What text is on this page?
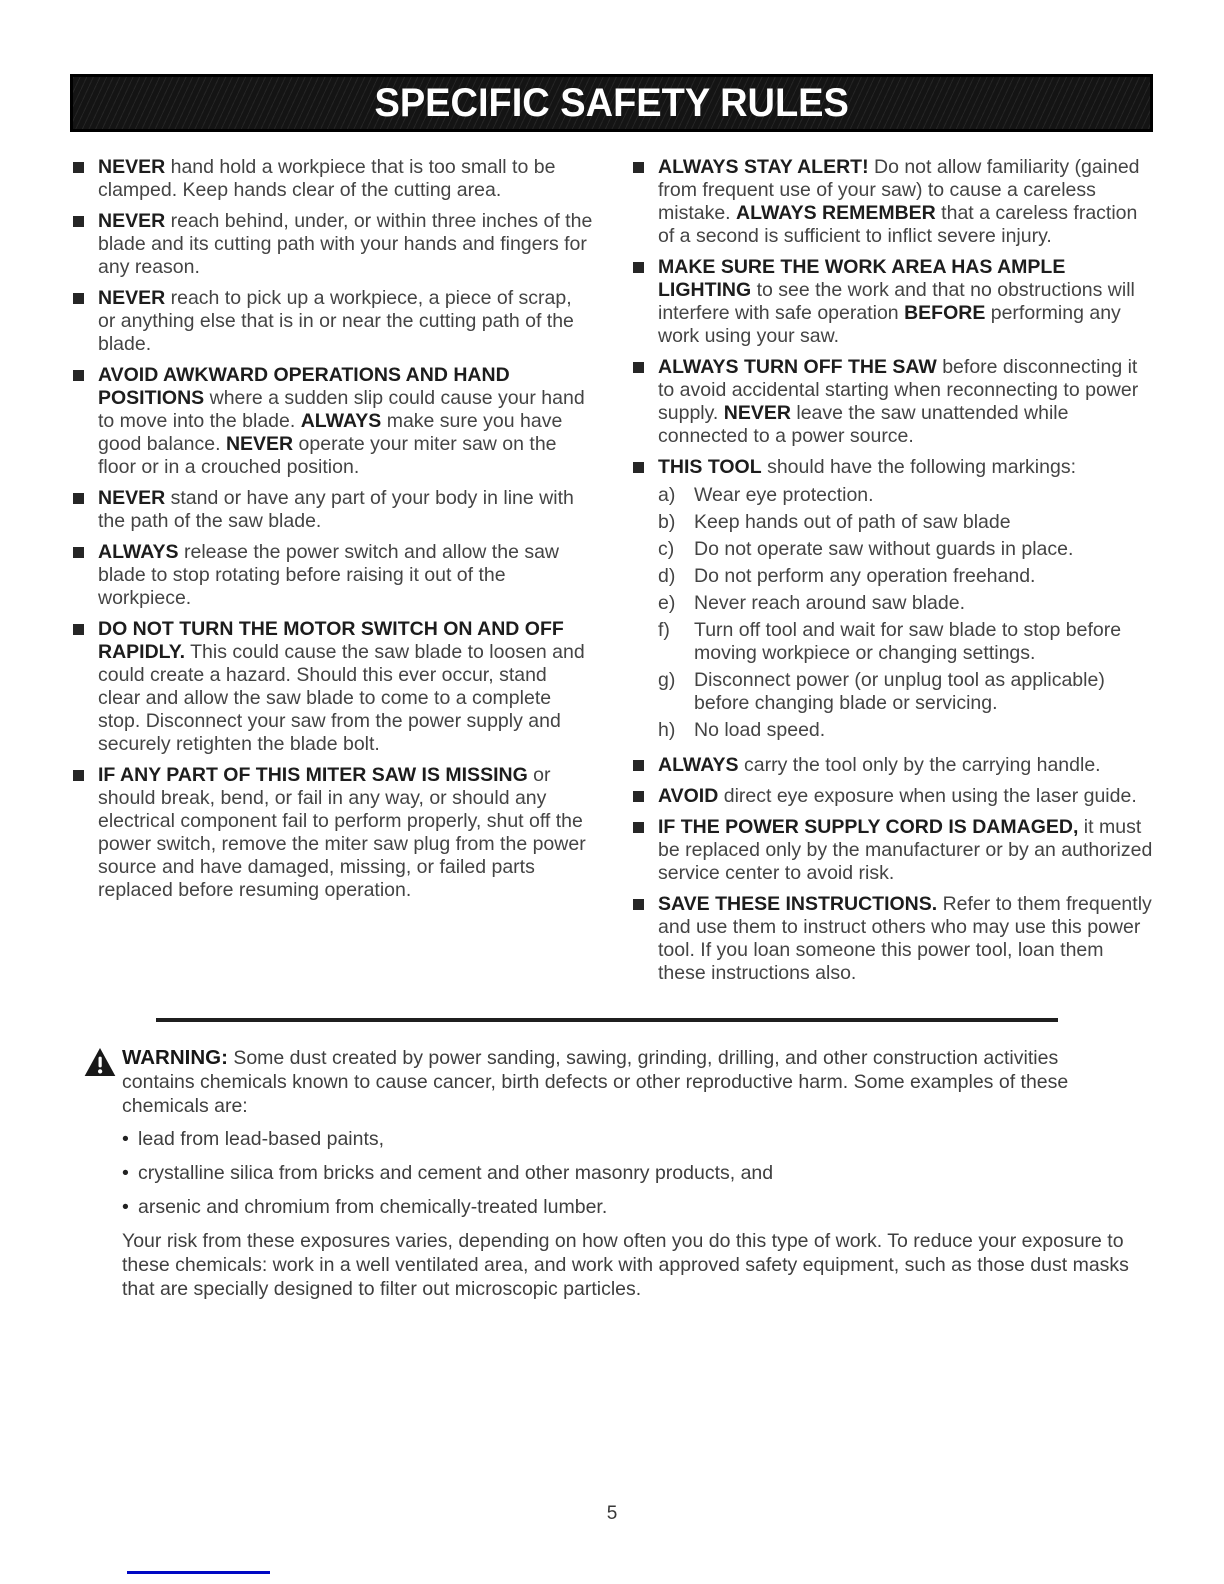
SPECIFIC SAFETY RULES
NEVER hand hold a workpiece that is too small to be clamped. Keep hands clear of the cutting area.
NEVER reach behind, under, or within three inches of the blade and its cutting path with your hands and fingers for any reason.
NEVER reach to pick up a workpiece, a piece of scrap, or anything else that is in or near the cutting path of the blade.
AVOID AWKWARD OPERATIONS AND HAND POSITIONS where a sudden slip could cause your hand to move into the blade. ALWAYS make sure you have good balance. NEVER operate your miter saw on the floor or in a crouched position.
NEVER stand or have any part of your body in line with the path of the saw blade.
ALWAYS release the power switch and allow the saw blade to stop rotating before raising it out of the workpiece.
DO NOT TURN THE MOTOR SWITCH ON AND OFF RAPIDLY. This could cause the saw blade to loosen and could create a hazard. Should this ever occur, stand clear and allow the saw blade to come to a complete stop. Disconnect your saw from the power supply and securely retighten the blade bolt.
IF ANY PART OF THIS MITER SAW IS MISSING or should break, bend, or fail in any way, or should any electrical component fail to perform properly, shut off the power switch, remove the miter saw plug from the power source and have damaged, missing, or failed parts replaced before resuming operation.
ALWAYS STAY ALERT! Do not allow familiarity (gained from frequent use of your saw) to cause a careless mistake. ALWAYS REMEMBER that a careless fraction of a second is sufficient to inflict severe injury.
MAKE SURE THE WORK AREA HAS AMPLE LIGHTING to see the work and that no obstructions will interfere with safe operation BEFORE performing any work using your saw.
ALWAYS TURN OFF THE SAW before disconnecting it to avoid accidental starting when reconnecting to power supply. NEVER leave the saw unattended while connected to a power source.
THIS TOOL should have the following markings:
a) Wear eye protection.
b) Keep hands out of path of saw blade
c)	Do not operate saw without guards in place.
d) Do not perform any operation freehand.
e) Never reach around saw blade.
f)	Turn off tool and wait for saw blade to stop before moving workpiece or changing settings.
g) Disconnect power (or unplug tool as applicable) before changing blade or servicing.
h) No load speed.
ALWAYS carry the tool only by the carrying handle.
AVOID direct eye exposure when using the laser guide.
IF THE POWER SUPPLY CORD IS DAMAGED, it must be replaced only by the manufacturer or by an authorized service center to avoid risk.
SAVE THESE INSTRUCTIONS. Refer to them frequently and use them to instruct others who may use this power tool. If you loan someone this power tool, loan them these instructions also.
WARNING: Some dust created by power sanding, sawing, grinding, drilling, and other construction activities contains chemicals known to cause cancer, birth defects or other reproductive harm. Some examples of these chemicals are:
• lead from lead-based paints,
• crystalline silica from bricks and cement and other masonry products, and
• arsenic and chromium from chemically-treated lumber.
Your risk from these exposures varies, depending on how often you do this type of work. To reduce your exposure to these chemicals: work in a well ventilated area, and work with approved safety equipment, such as those dust masks that are specially designed to filter out microscopic particles.
5
